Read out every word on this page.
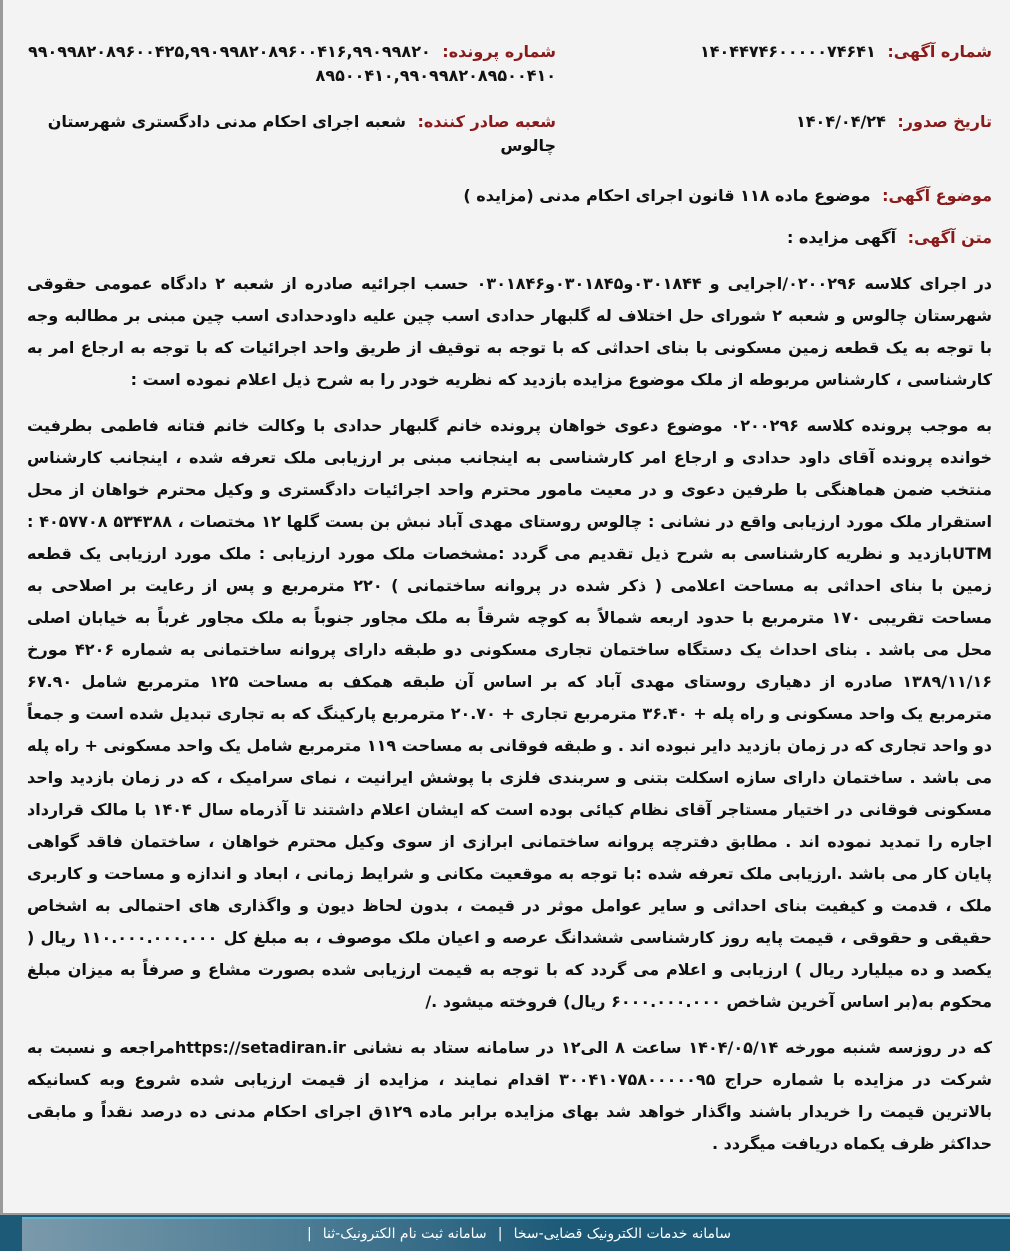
شماره آگهی: ۱۴۰۴۴۷۴۶۰۰۰۰۰۷۴۶۴۱
شماره پرونده: ۹۹۰۹۹۸۲۰۸۹۶۰۰۴۲۵,۹۹۰۹۹۸۲۰۸۹۶۰۰۴۱۶,۹۹۰۹۹۸۲۰۸۹۵۰۰۴۱۰,۹۹۰۹۹۸۲۰۸۹۵۰۰۴۱۰
تاریخ صدور: ۱۴۰۴/۰۴/۲۴
شعبه صادر کننده: شعبه اجرای احکام مدنی دادگستری شهرستان چالوس
موضوع آگهی: موضوع ماده ۱۱۸ قانون اجرای احکام مدنی (مزایده )
متن آگهی: آگهی مزایده :

در اجرای کلاسه ۰۲۰۰۲۹۶/اجرایی و ۰۳۰۱۸۴۴و۰۳۰۱۸۴۵و۰۳۰۱۸۴۶ حسب اجرائیه صادره از شعبه ۲ دادگاه عمومی حقوقی شهرستان چالوس و شعبه ۲ شورای حل اختلاف له گلبهار حدادی اسب چین علیه داودحدادی اسب چین مبنی بر مطالبه وجه با توجه به یک قطعه زمین مسکونی با بنای احداثی که با توجه به توقیف از طریق واحد اجرائیات که با توجه به ارجاع امر به کارشناسی ، کارشناس مربوطه از ملک موضوع مزایده بازدید که نظریه خودر را به شرح ذیل اعلام نموده است :

به موجب پرونده کلاسه ۰۲۰۰۲۹۶ موضوع دعوی خواهان پرونده خانم گلبهار حدادی با وکالت خانم فتانه فاطمی بطرفیت خوانده پرونده آقای داود حدادی و ارجاع امر کارشناسی به اینجانب مبنی بر ارزیابی ملک تعرفه شده ، اینجانب کارشناس منتخب ضمن هماهنگی با طرفین دعوی و در معیت مامور محترم واحد اجرائیات دادگستری و وکیل محترم خواهان از محل استقرار ملک مورد ارزیابی واقع در نشانی : چالوس روستای مهدی آباد نبش بن بست گلها ۱۲ مختصات ، ۵۳۴۳۸۸ ۴۰۵۷۷۰۸ : UTMبازدید و نظریه کارشناسی به شرح ذیل تقدیم می گردد :مشخصات ملک مورد ارزیابی : ملک مورد ارزیابی یک قطعه زمین با بنای احداثی به مساحت اعلامی ( ذکر شده در پروانه ساختمانی ) ۲۲۰ مترمربع و پس از رعایت بر اصلاحی به مساحت تقریبی ۱۷۰ مترمربع با حدود اربعه شمالاً به کوچه شرقاً به ملک مجاور جنوباً به ملک مجاور غرباً به خیابان اصلی محل می باشد . بنای احداث یک دستگاه ساختمان تجاری مسکونی دو طبقه دارای پروانه ساختمانی به شماره ۴۲۰۶ مورخ ۱۳۸۹/۱۱/۱۶ صادره از دهیاری روستای مهدی آباد که بر اساس آن طبقه همکف به مساحت ۱۲۵ مترمربع شامل ۶۷.۹۰ مترمربع یک واحد مسکونی و راه پله + ۳۶.۴۰ مترمربع تجاری + ۲۰.۷۰ مترمربع پارکینگ که به تجاری تبدیل شده است و جمعاً دو واحد تجاری که در زمان بازدید دایر نبوده اند . و طبقه فوقانی به مساحت ۱۱۹ مترمربع شامل یک واحد مسکونی + راه پله می باشد . ساختمان دارای سازه اسکلت بتنی و سربندی فلزی با پوشش ایرانیت ، نمای سرامیک ، که در زمان بازدید واحد مسکونی فوقانی در اختیار مستاجر آقای نظام کیائی بوده است که ایشان اعلام داشتند تا آذرماه سال ۱۴۰۴ با مالک قرارداد اجاره را تمدید نموده اند . مطابق دفترچه پروانه ساختمانی ابرازی از سوی وکیل محترم خواهان ، ساختمان فاقد گواهی پایان کار می باشد .ارزیابی ملک تعرفه شده :با توجه به موقعیت مکانی و شرایط زمانی ، ابعاد و اندازه و مساحت و کاربری ملک ، قدمت و کیفیت بنای احداثی و سایر عوامل موثر در قیمت ، بدون لحاظ دیون و واگذاری های احتمالی به اشخاص حقیقی و حقوقی ، قیمت پایه روز کارشناسی ششدانگ عرصه و اعیان ملک موصوف ، به مبلغ کل ۱۱۰.۰۰۰.۰۰۰.۰۰۰ ریال ( یکصد و ده میلیارد ریال ) ارزیابی و اعلام می گردد که با توجه به قیمت ارزیابی شده بصورت مشاع و صرفاً به میزان مبلغ محکوم به(بر اساس آخرین شاخص ۶۰۰۰.۰۰۰.۰۰۰ ریال) فروخته میشود ./

که در روزسه شنبه مورخه ۱۴۰۴/۰۵/۱۴ ساعت ۸ الی۱۲ در سامانه ستاد به نشانی https://setadiran.irمراجعه و نسبت به شرکت در مزایده با شماره حراج ۳۰۰۴۱۰۷۵۸۰۰۰۰۰۹۵ اقدام نمایند ، مزایده از قیمت ارزیابی شده شروع وبه کسانیکه بالاترین قیمت را خریدار باشند واگذار خواهد شد بهای مزایده برابر ماده ۱۲۹ق اجرای احکام مدنی ده درصد نقداً و مابقی حداکثر ظرف یکماه دریافت میگردد .

سامانه خدمات الکترونیک قضایی-سخا | سامانه ثبت نام الکترونیک-ثنا |
